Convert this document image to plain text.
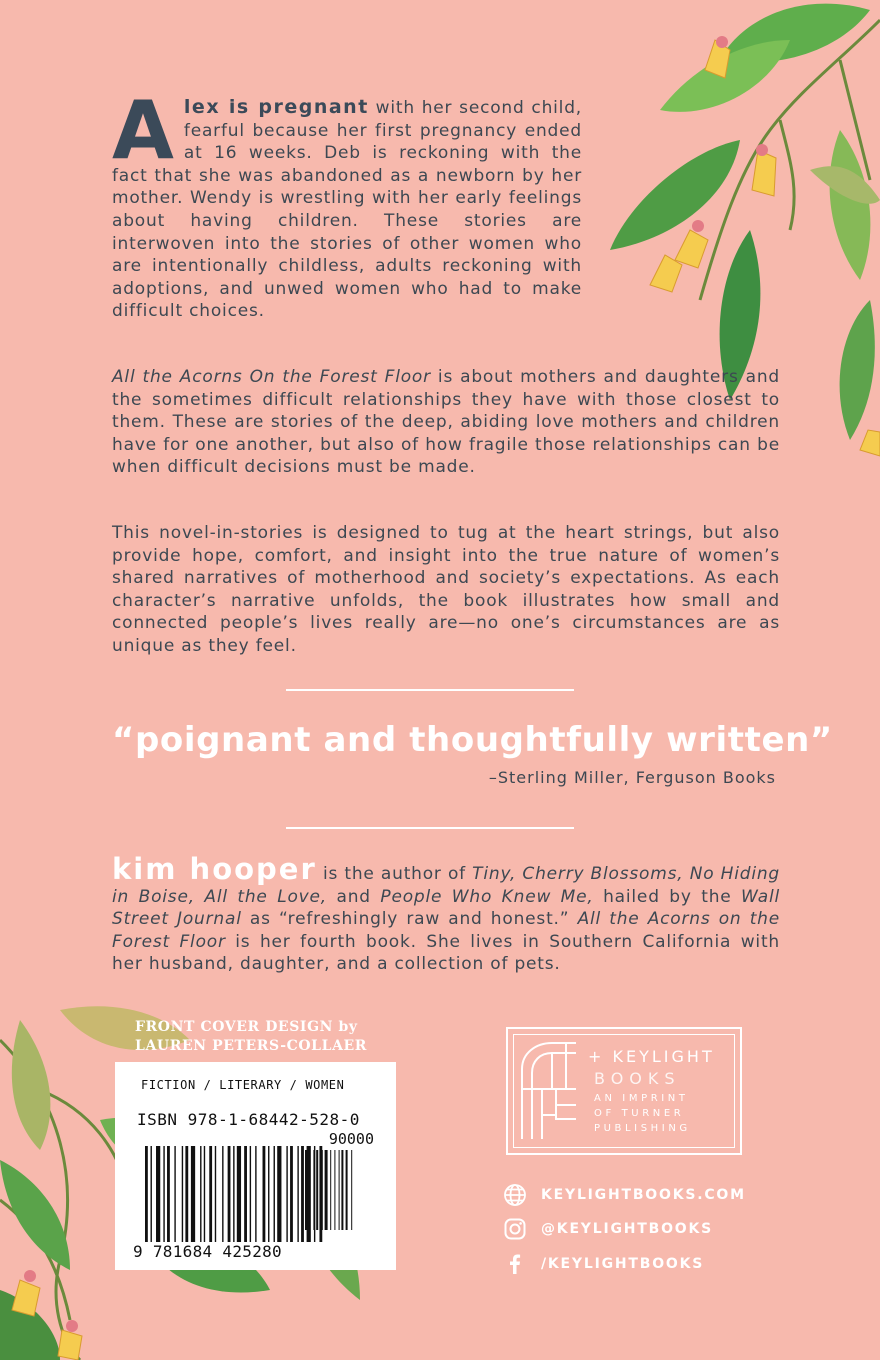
Alex is pregnant with her second child, fearful because her first pregnancy ended at 16 weeks. Deb is reckoning with the fact that she was abandoned as a newborn by her mother. Wendy is wrestling with her early feelings about having children. These stories are interwoven into the stories of other women who are intentionally childless, adults reckoning with adoptions, and unwed women who had to make difficult choices.
All the Acorns On the Forest Floor is about mothers and daughters and the sometimes difficult relationships they have with those closest to them. These are stories of the deep, abiding love mothers and children have for one another, but also of how fragile those relationships can be when difficult decisions must be made.
This novel-in-stories is designed to tug at the heart strings, but also provide hope, comfort, and insight into the true nature of women’s shared narratives of motherhood and society’s expectations. As each character’s narrative unfolds, the book illustrates how small and connected people’s lives really are—no one’s circumstances are as unique as they feel.
“poignant and thoughtfully written”
–Sterling Miller, Ferguson Books
kim hooper is the author of Tiny, Cherry Blossoms, No Hiding in Boise, All the Love, and People Who Knew Me, hailed by the Wall Street Journal as “refreshingly raw and honest.” All the Acorns on the Forest Floor is her fourth book. She lives in Southern California with her husband, daughter, and a collection of pets.
FRONT COVER DESIGN by
LAUREN PETERS-COLLAER
FICTION / LITERARY / WOMEN
ISBN 978-1-68442-528-0
90000
9 781684 425280
+ KEYLIGHT
BOOKS
AN IMPRINT
OF TURNER
PUBLISHING
KEYLIGHTBOOKS.COM
@KEYLIGHTBOOKS
/KEYLIGHTBOOKS
